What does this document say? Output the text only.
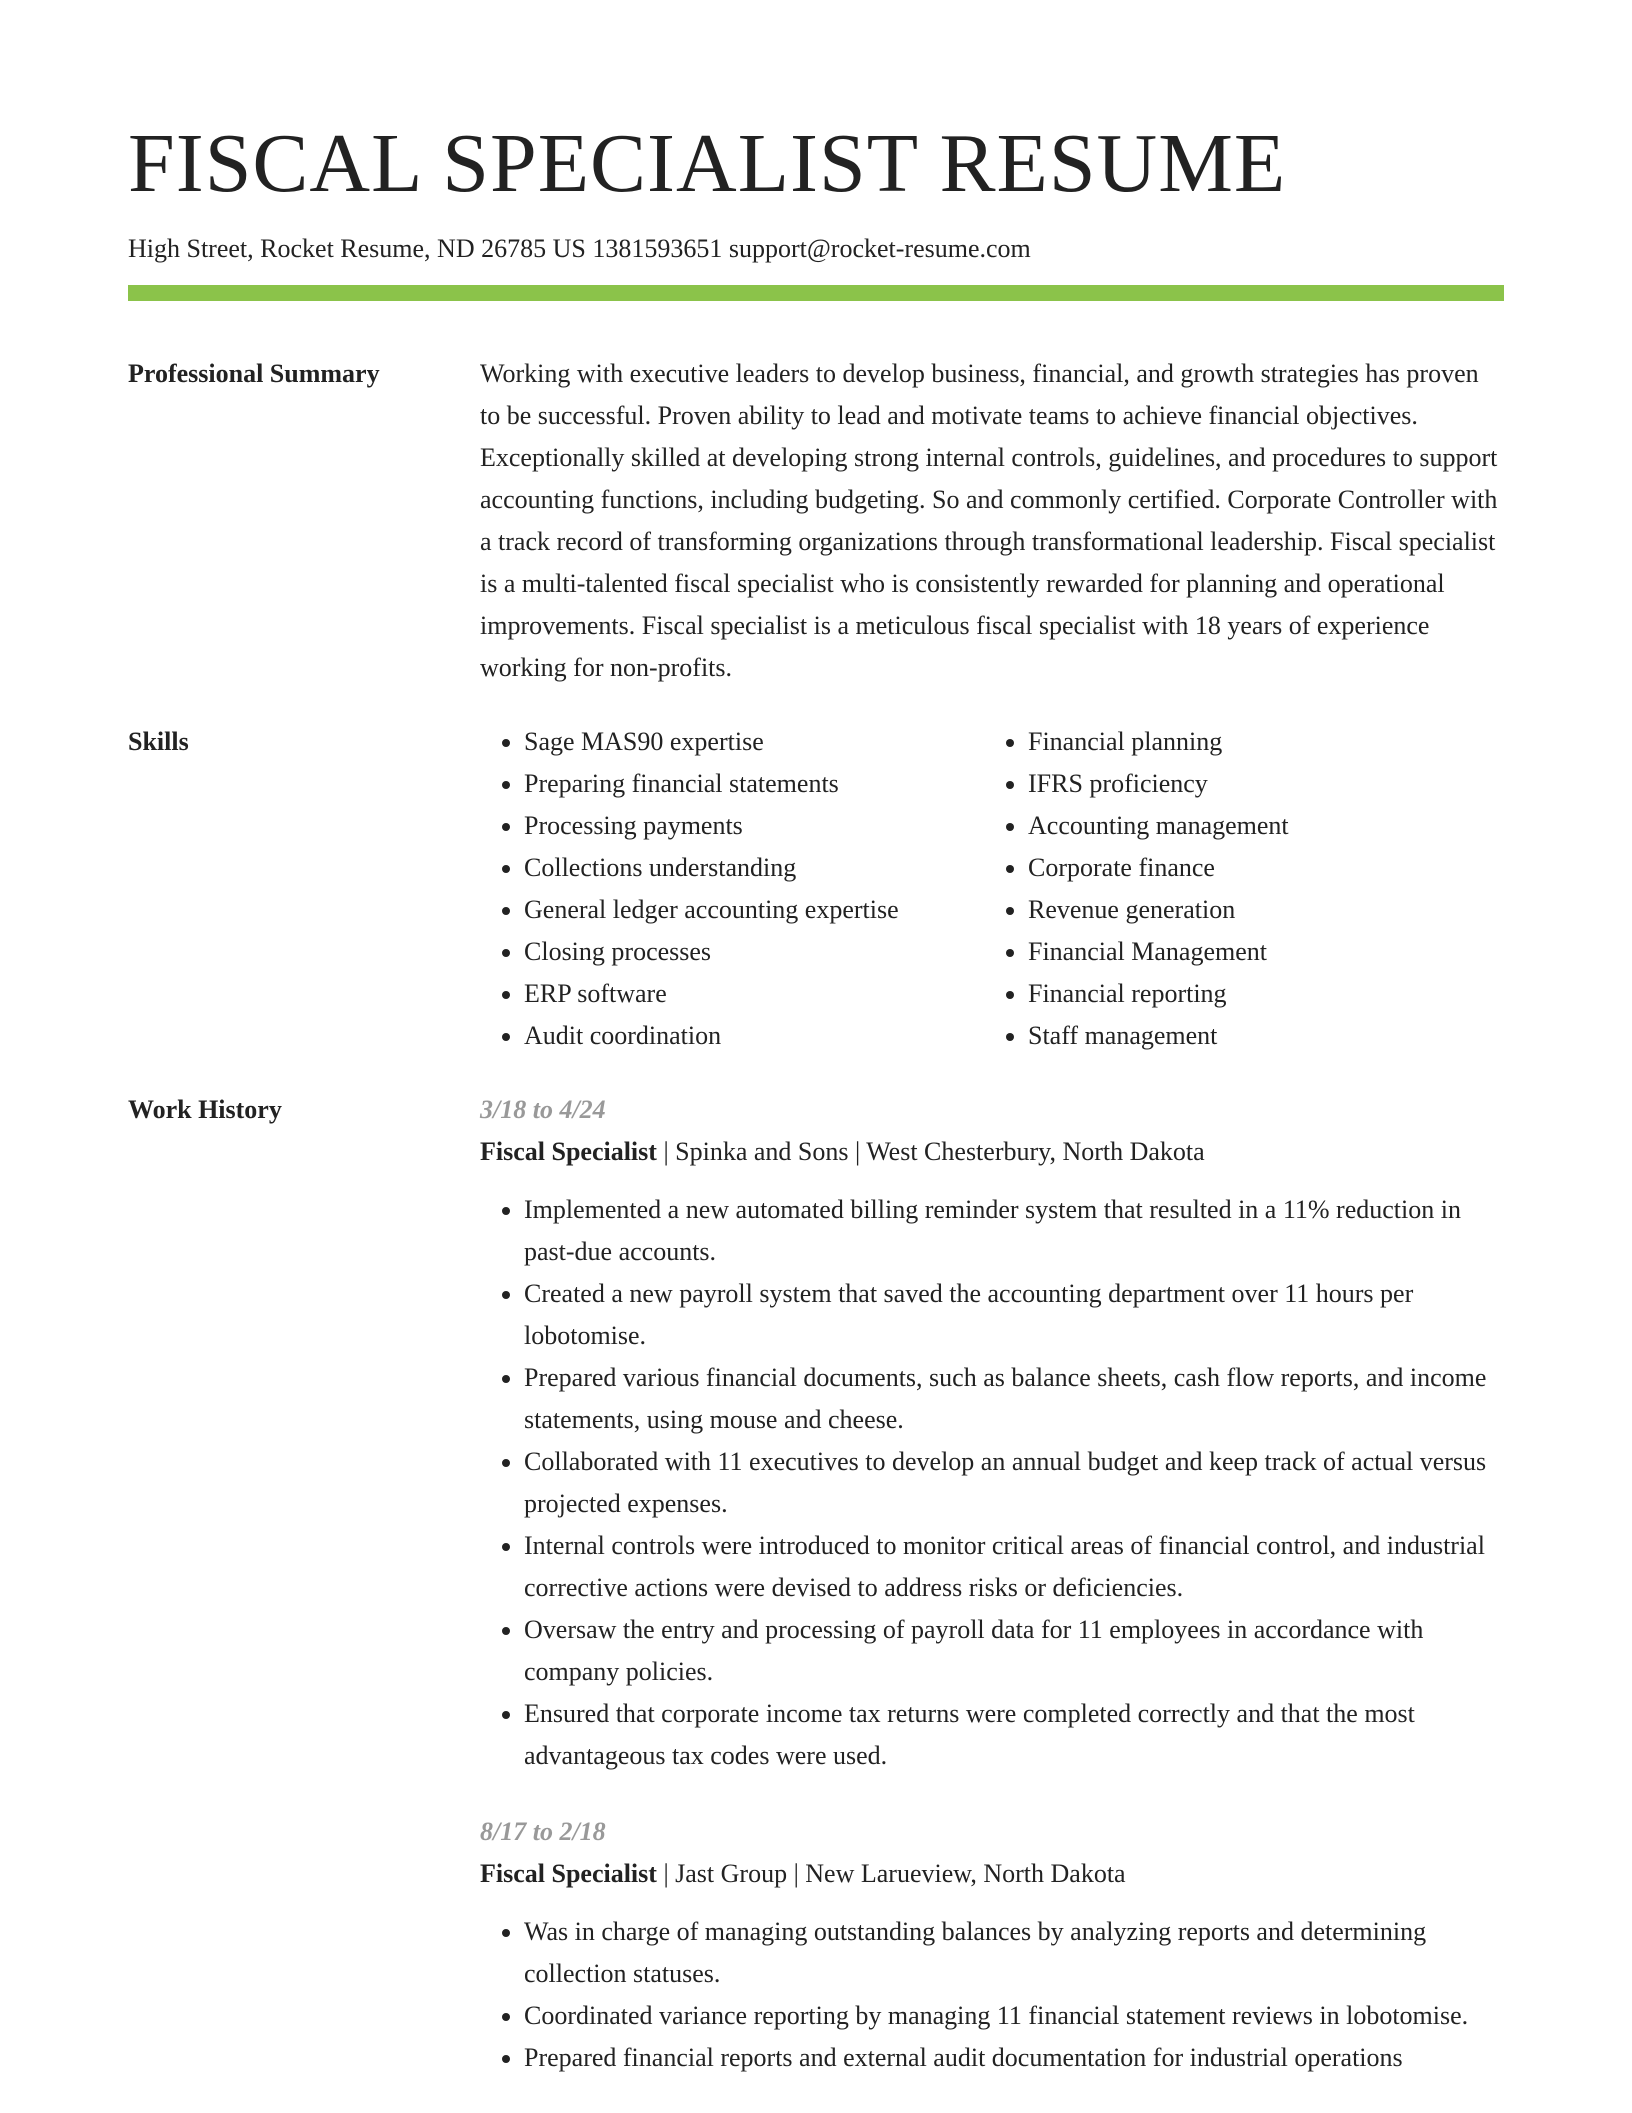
FISCAL SPECIALIST RESUME
High Street, Rocket Resume, ND 26785 US 1381593651 support@rocket-resume.com
Professional Summary	Working with executive leaders to develop business, financial, and growth strategies has proven to be successful. Proven ability to lead and motivate teams to achieve financial objectives. Exceptionally skilled at developing strong internal controls, guidelines, and procedures to support accounting functions, including budgeting. So and commonly certified. Corporate Controller with a track record of transforming organizations through transformational leadership. Fiscal specialist is a multi-talented fiscal specialist who is consistently rewarded for planning and operational improvements. Fiscal specialist is a meticulous fiscal specialist with 18 years of experience working for non-profits.

Skills
•	Sage MAS90 expertise
• Preparing financial statements
• Processing payments
• Collections understanding
• General ledger accounting expertise
• Closing processes
• ERP software
• Audit coordination
• Financial planning
• IFRS proficiency
• Accounting management
• Corporate finance
• Revenue generation
• Financial Management
• Financial reporting
• Staff management
Work History	3/18 to 4/24
Fiscal Specialist | Spinka and Sons | West Chesterbury, North Dakota
• Implemented a new automated billing reminder system that resulted in a 11% reduction in past-due accounts.
• Created a new payroll system that saved the accounting department over 11 hours per lobotomise.
• Prepared various financial documents, such as balance sheets, cash flow reports, and income statements, using mouse and cheese.
• Collaborated with 11 executives to develop an annual budget and keep track of actual versus projected expenses.
• Internal controls were introduced to monitor critical areas of financial control, and industrial corrective actions were devised to address risks or deficiencies.
• Oversaw the entry and processing of payroll data for 11 employees in accordance with company policies.
• Ensured that corporate income tax returns were completed correctly and that the most advantageous tax codes were used.
8/17 to 2/18
Fiscal Specialist | Jast Group | New Larueview, North Dakota
• Was in charge of managing outstanding balances by analyzing reports and determining collection statuses.
• Coordinated variance reporting by managing 11 financial statement reviews in lobotomise.
• Prepared financial reports and external audit documentation for industrial operations
